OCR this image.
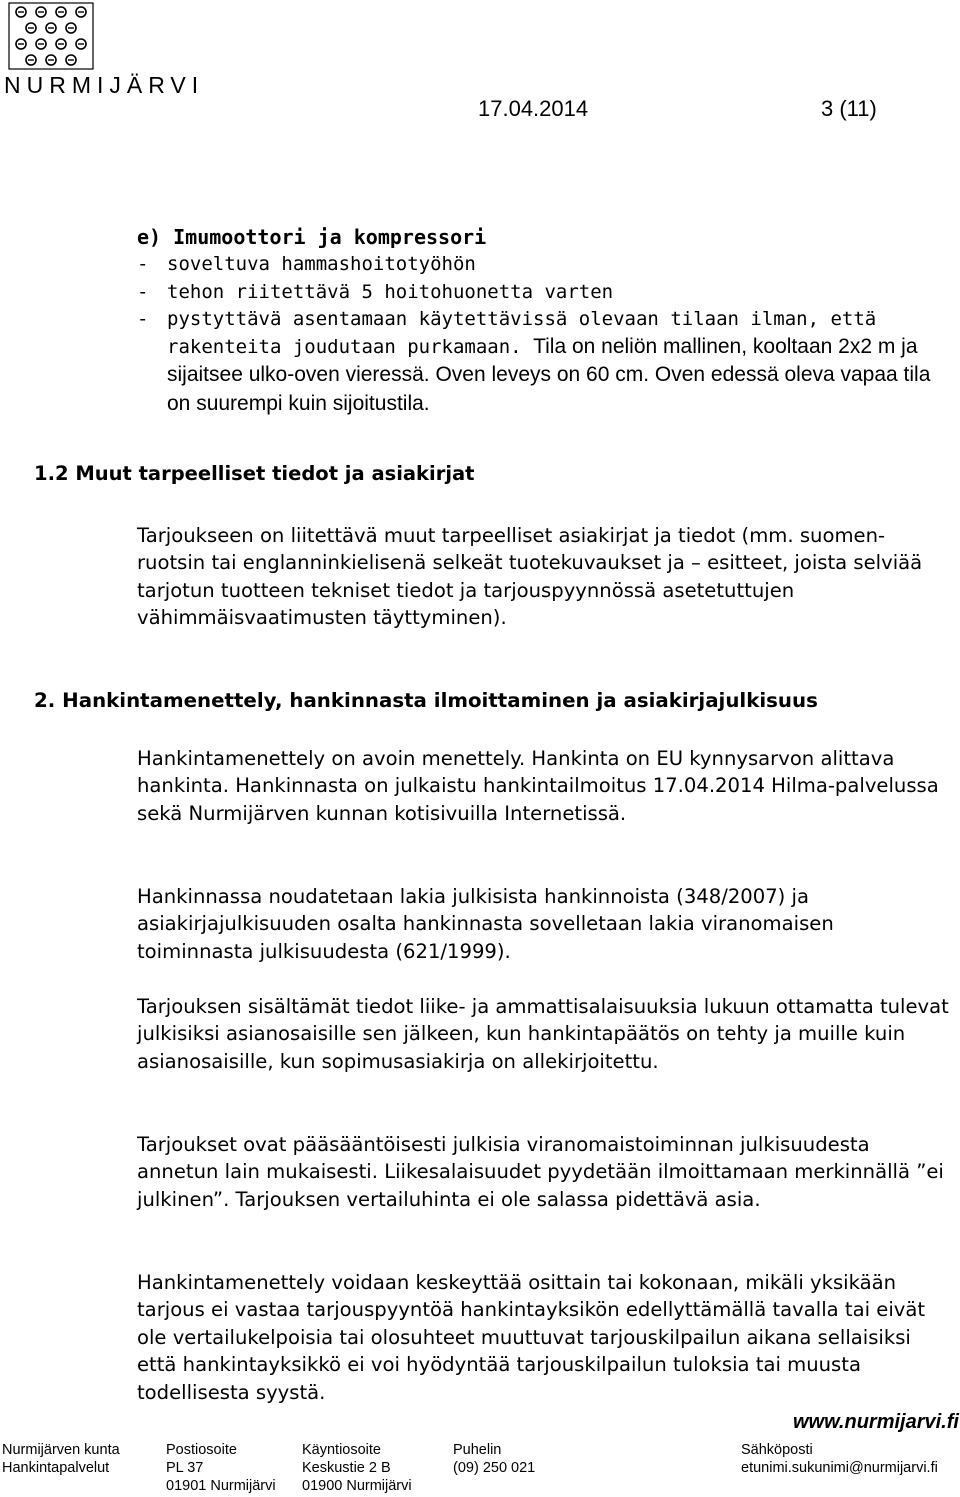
NURMIJÄRVI
17.04.2014	3 (11)
e) Imumoottori ja kompressori
- soveltuva hammashoitotyöhön
- tehon riitettävä 5 hoitohuonetta varten
- pystyttävä asentamaan käytettävissä olevaan tilaan ilman, että rakenteita joudutaan purkamaan. Tila on neliön mallinen, kooltaan 2x2 m ja sijaitsee ulko-oven vieressä. Oven leveys on 60 cm. Oven edessä oleva vapaa tila on suurempi kuin sijoitustila.
1.2 Muut tarpeelliset tiedot ja asiakirjat

Tarjoukseen on liitettävä muut tarpeelliset asiakirjat ja tiedot (mm. suomen-ruotsin tai englanninkielisenä selkeät tuotekuvaukset ja – esitteet, joista selviää tarjotun tuotteen tekniset tiedot ja tarjouspyynnössä asetetuttujen vähimmäisvaatimusten täyttyminen).

2. Hankintamenettely, hankinnasta ilmoittaminen ja asiakirjajulkisuus

Hankintamenettely on avoin menettely. Hankinta on EU kynnysarvon alittava hankinta. Hankinnasta on julkaistu hankintailmoitus 17.04.2014 Hilma-palvelussa sekä Nurmijärven kunnan kotisivuilla Internetissä.

Hankinnassa noudatetaan lakia julkisista hankinnoista (348/2007) ja asiakirjajulkisuuden osalta hankinnasta sovelletaan lakia viranomaisen toiminnasta julkisuudesta (621/1999).

Tarjouksen sisältämät tiedot liike- ja ammattisalaisuuksia lukuun ottamatta tulevat julkisiksi asianosaisille sen jälkeen, kun hankintapäätös on tehty ja muille kuin asianosaisille, kun sopimusasiakirja on allekirjoitettu.

Tarjoukset ovat pääsääntöisesti julkisia viranomaistoiminnan julkisuudesta annetun lain mukaisesti. Liikesalaisuudet pyydetään ilmoittamaan merkinnällä ”ei julkinen”. Tarjouksen vertailuhinta ei ole salassa pidettävä asia.

Hankintamenettely voidaan keskeyttää osittain tai kokonaan, mikäli yksikään tarjous ei vastaa tarjouspyyntöä hankintayksikön edellyttämällä tavalla tai eivät ole vertailukelpoisia tai olosuhteet muuttuvat tarjouskilpailun aikana sellaisiksi että hankintayksikkö ei voi hyödyntää tarjouskilpailun tuloksia tai muusta todellisesta syystä.

www.nurmijarvi.fi
Nurmijärven kunta
Hankintapalvelut
Postiosoite
PL 37
01901 Nurmijärvi
Käyntiosoite
Keskustie 2 B
01900 Nurmijärvi
Puhelin
(09) 250 021
Sähköposti
etunimi.sukunimi@nurmijarvi.fi
